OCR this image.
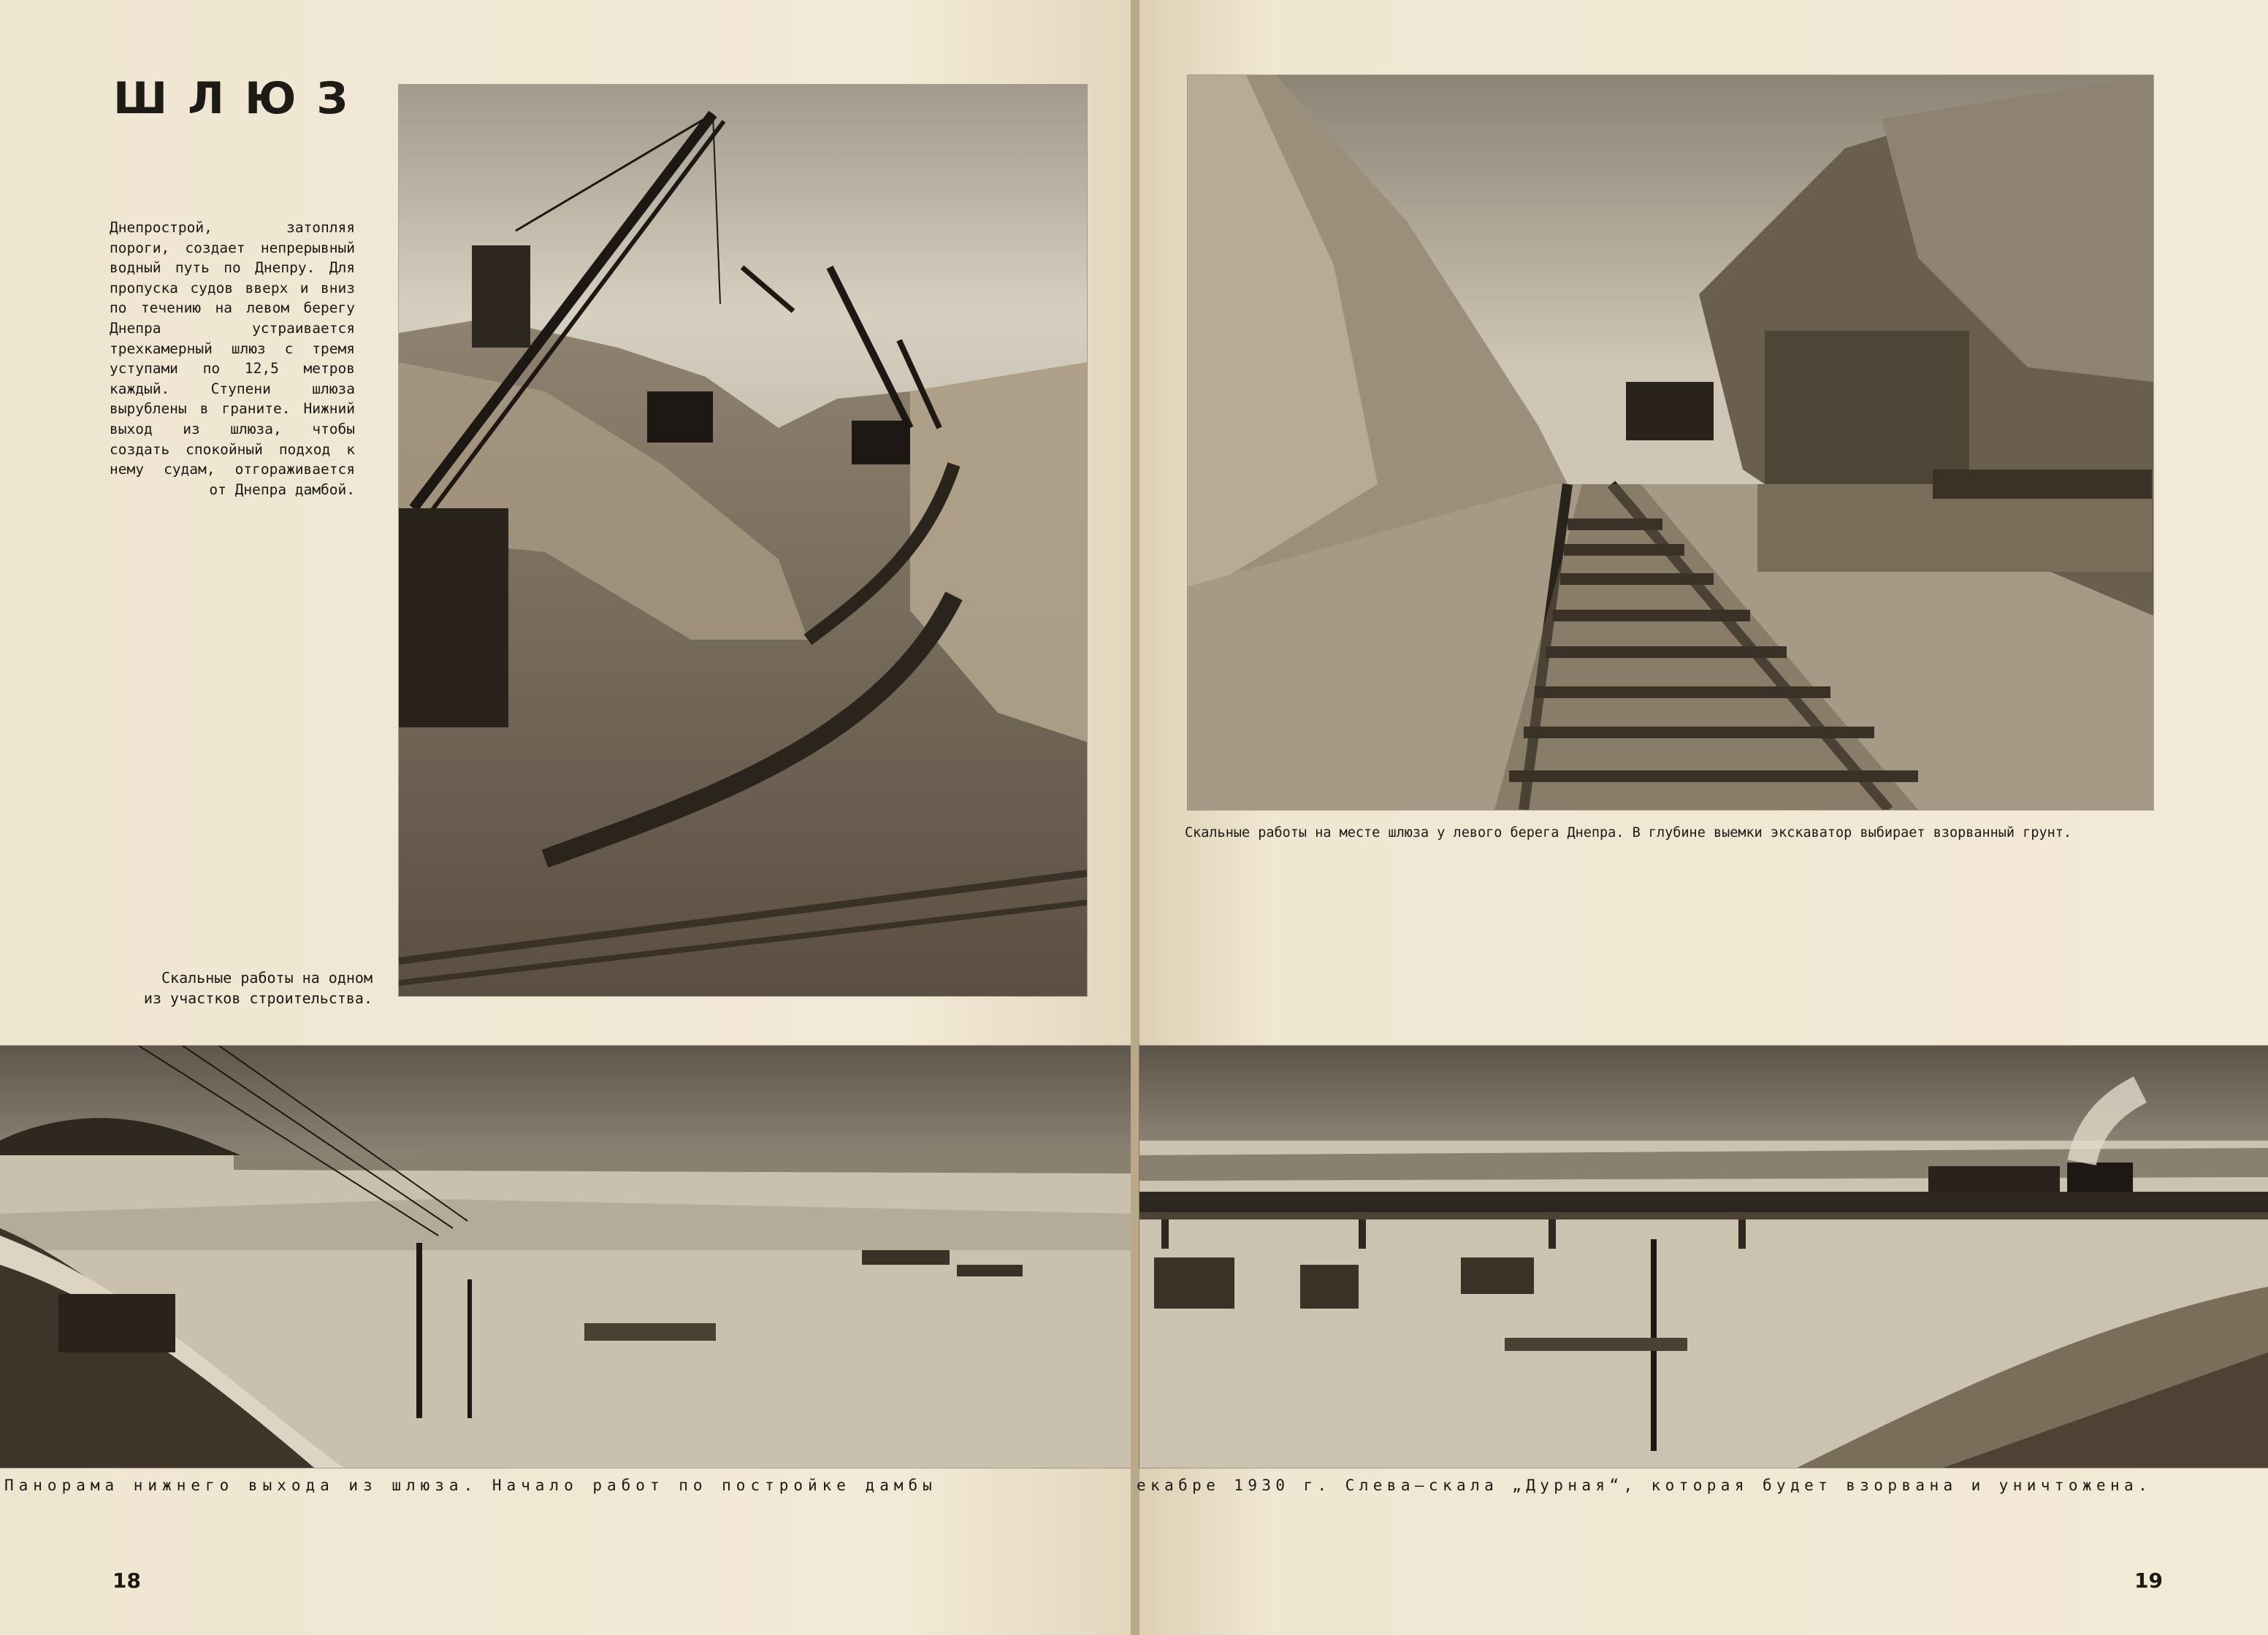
ШЛЮЗ
Днепрострой, затопляя пороги, создает непрерывный водный путь по Днепру. Для пропуска судов вверх и вниз по течению на левом берегу Днепра устраивается трехкамерный шлюз с тремя уступами по 12,5 метров каждый. Ступени шлюза вырублены в граните. Нижний выход из шлюза, чтобы создать спокойный подход к нему судам, отгораживается от Днепра дамбой.
Скальные работы на одном
из участков строительства.
Панорама нижнего выхода из шлюза. Начало работ по постройке дамбы
18
Скальные работы на месте шлюза у левого берега Днепра. В глубине выемки экскаватор выбирает взорванный грунт.
екабре 1930 г. Слева—скала „Дурная“, которая будет взорвана и уничтожена.
19
